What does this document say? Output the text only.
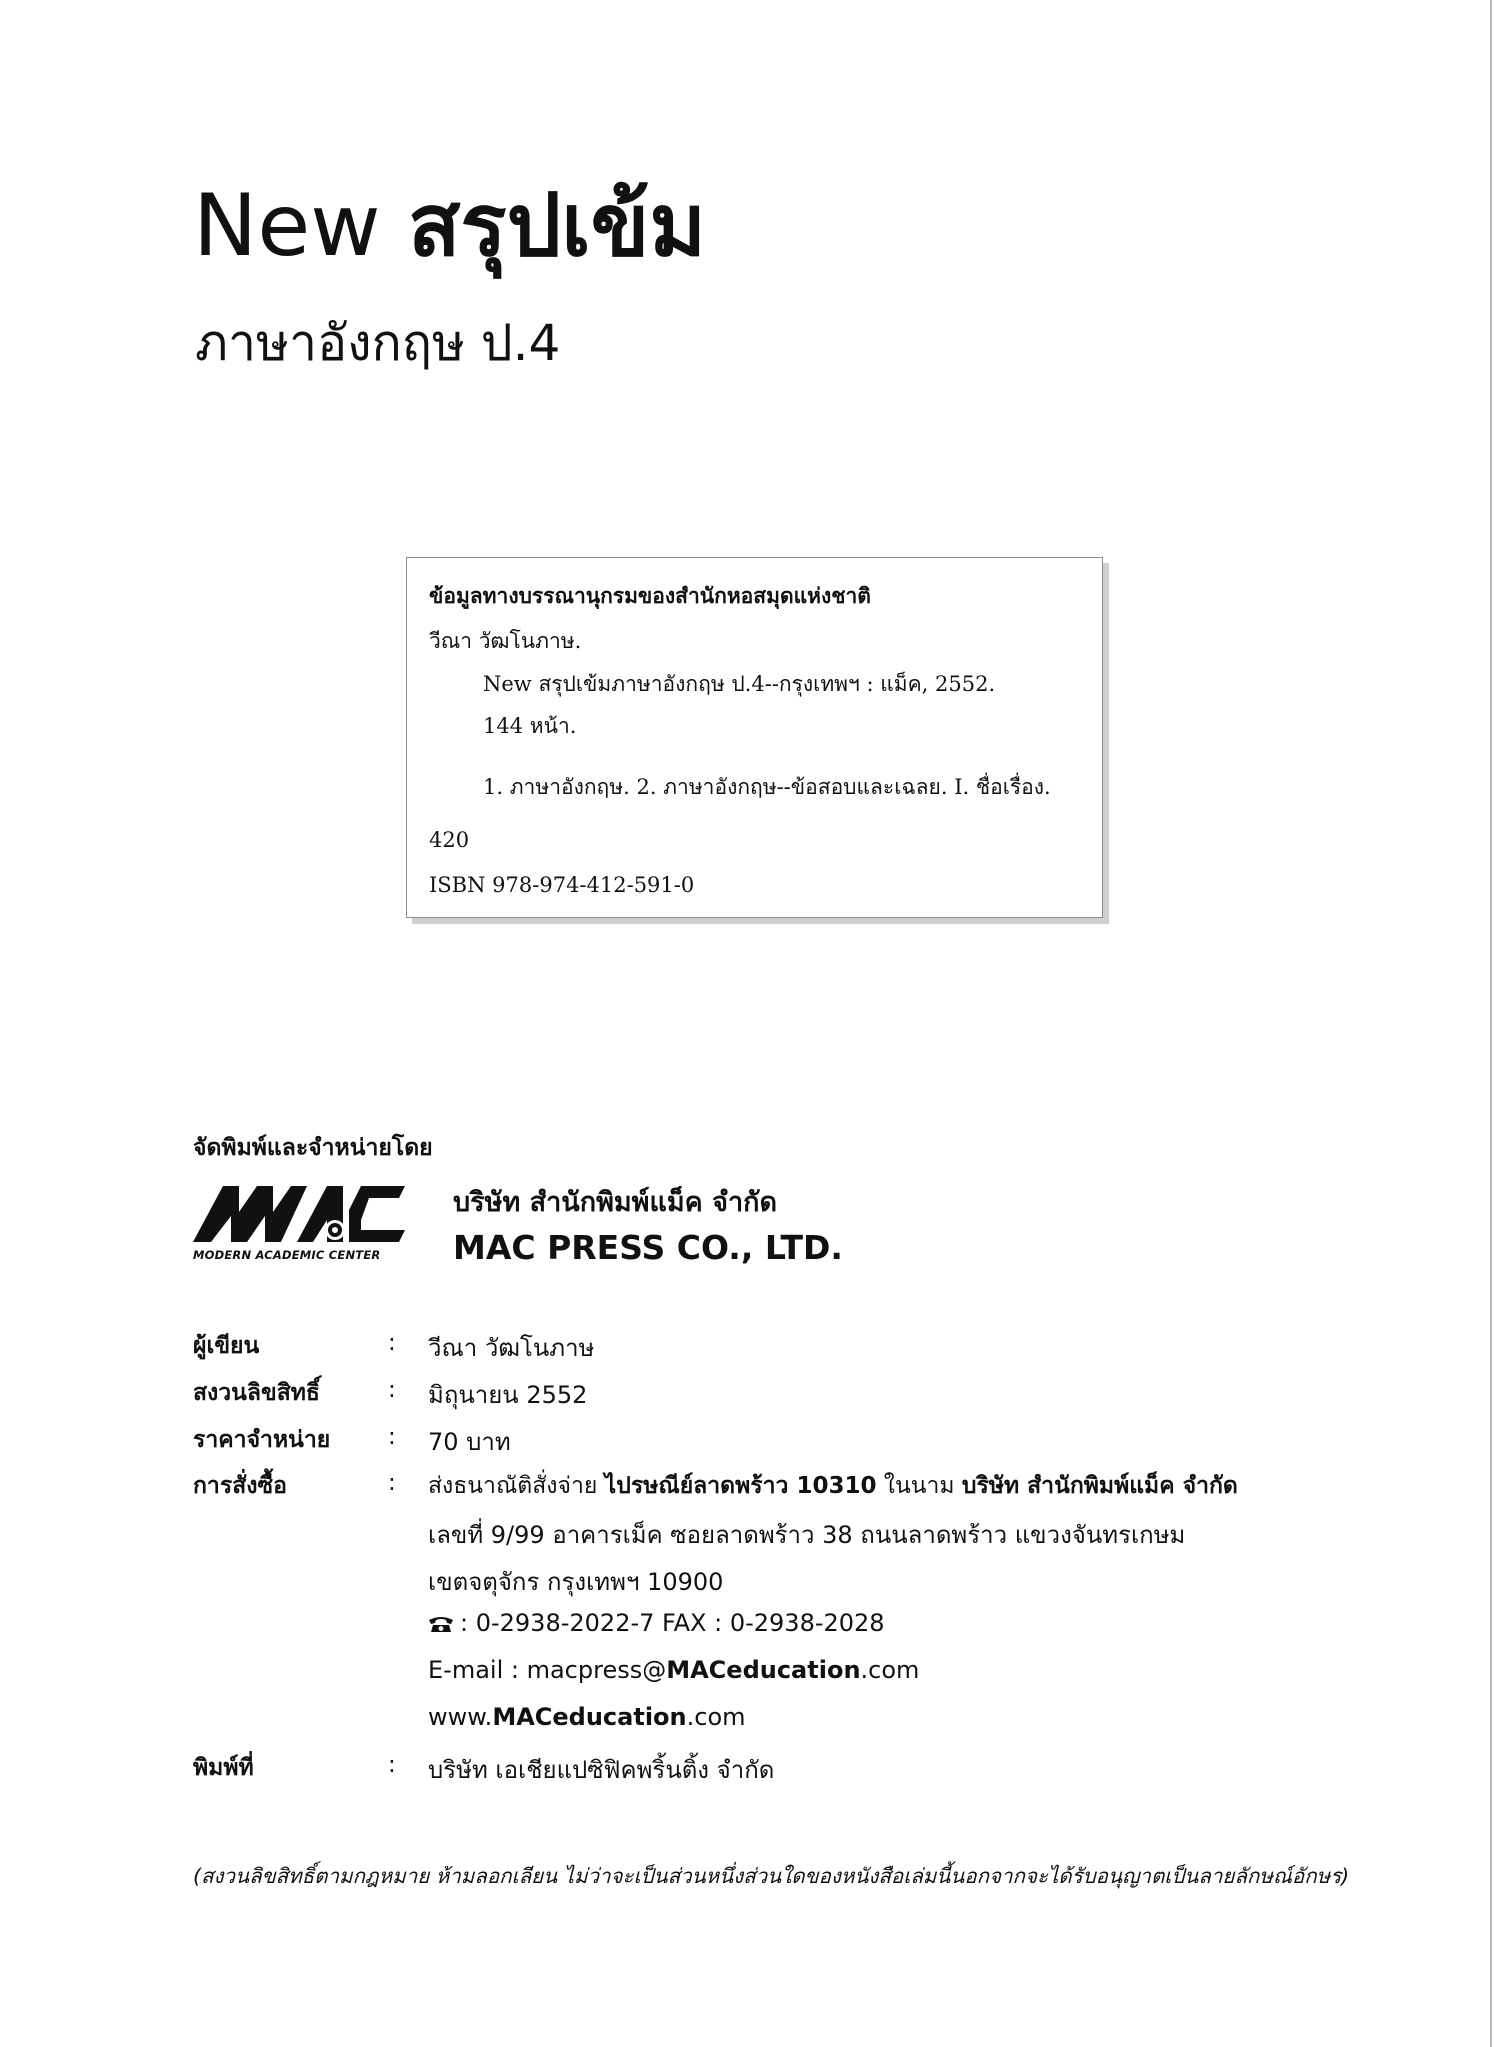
New สรุปเข้ม
ภาษาอังกฤษ ป.4
ข้อมูลทางบรรณานุกรมของสำนักหอสมุดแห่งชาติ
วีณา วัฒโนภาษ.
New สรุปเข้มภาษาอังกฤษ ป.4--กรุงเทพฯ : แม็ค, 2552.
144 หน้า.
1. ภาษาอังกฤษ. 2. ภาษาอังกฤษ--ข้อสอบและเฉลย. I. ชื่อเรื่อง.
420
ISBN 978-974-412-591-0
จัดพิมพ์และจำหน่ายโดย
MODERN ACADEMIC CENTER
บริษัท สำนักพิมพ์แม็ค จำกัด
MAC PRESS CO., LTD.
ผู้เขียน	: วีณา วัฒโนภาษ
สงวนลิขสิทธิ์	: มิถุนายน 2552
ราคาจำหน่าย	: 70 บาท
การสั่งซื้อ	: ส่งธนาณัติสั่งจ่าย ไปรษณีย์ลาดพร้าว 10310 ในนาม บริษัท สำนักพิมพ์แม็ค จำกัด
เลขที่ 9/99 อาคารเม็ค ซอยลาดพร้าว 38 ถนนลาดพร้าว แขวงจันทรเกษม
เขตจตุจักร กรุงเทพฯ 10900
: 0-2938-2022-7 FAX : 0-2938-2028
E-mail : macpress@MACeducation.com
www.MACeducation.com
พิมพ์ที่	: บริษัท เอเชียแปซิฟิคพริ้นติ้ง จำกัด
(สงวนลิขสิทธิ์ตามกฎหมาย ห้ามลอกเลียน ไม่ว่าจะเป็นส่วนหนึ่งส่วนใดของหนังสือเล่มนี้นอกจากจะได้รับอนุญาตเป็นลายลักษณ์อักษร)
